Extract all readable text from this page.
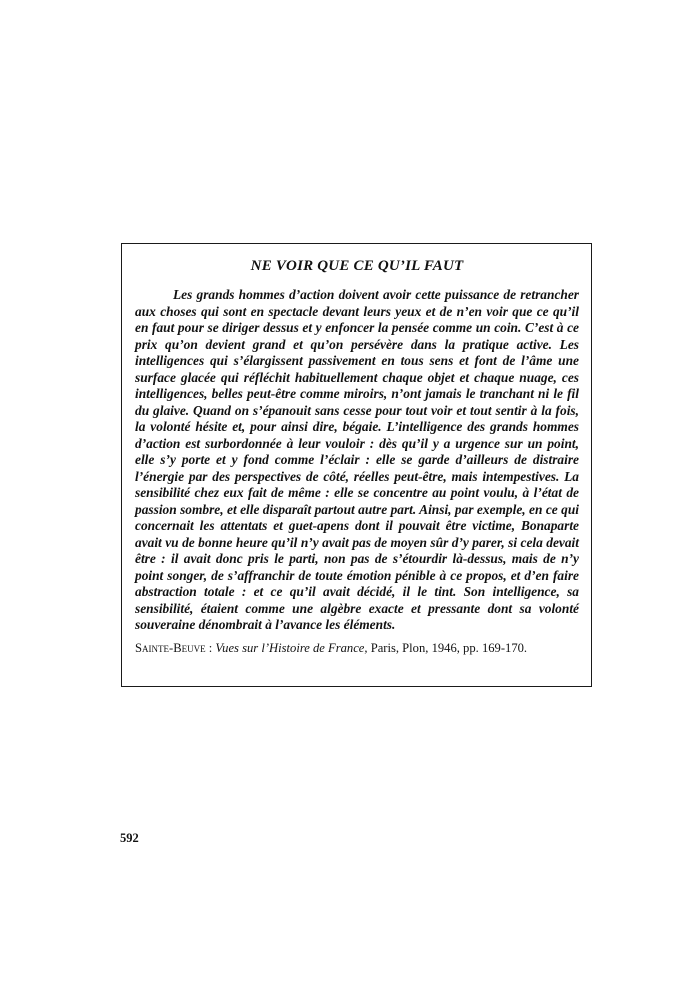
NE VOIR QUE CE QU’IL FAUT

Les grands hommes d’action doivent avoir cette puissance de retrancher aux choses qui sont en spectacle devant leurs yeux et de n’en voir que ce qu’il en faut pour se diriger dessus et y enfoncer la pensée comme un coin. C’est à ce prix qu’on devient grand et qu’on persévère dans la pratique active. Les intelligences qui s’élargissent passivement en tous sens et font de l’âme une surface glacée qui réfléchit habituellement chaque objet et chaque nuage, ces intelligences, belles peut-être comme miroirs, n’ont jamais le tranchant ni le fil du glaive. Quand on s’épanouit sans cesse pour tout voir et tout sentir à la fois, la volonté hésite et, pour ainsi dire, bégaie. L’intelligence des grands hommes d’action est surbordonnée à leur vouloir : dès qu’il y a urgence sur un point, elle s’y porte et y fond comme l’éclair : elle se garde d’ailleurs de distraire l’énergie par des perspectives de côté, réelles peut-être, mais intempestives. La sensibilité chez eux fait de même : elle se concentre au point voulu, à l’état de passion sombre, et elle disparaît partout autre part. Ainsi, par exemple, en ce qui concernait les attentats et guet-apens dont il pouvait être victime, Bonaparte avait vu de bonne heure qu’il n’y avait pas de moyen sûr d’y parer, si cela devait être : il avait donc pris le parti, non pas de s’étourdir là-dessus, mais de n’y point songer, de s’affranchir de toute émotion pénible à ce propos, et d’en faire abstraction totale : et ce qu’il avait décidé, il le tint. Son intelligence, sa sensibilité, étaient comme une algèbre exacte et pressante dont sa volonté souveraine dénombrait à l’avance les éléments.

Sainte-Beuve : Vues sur l’Histoire de France, Paris, Plon, 1946, pp. 169-170.

592
